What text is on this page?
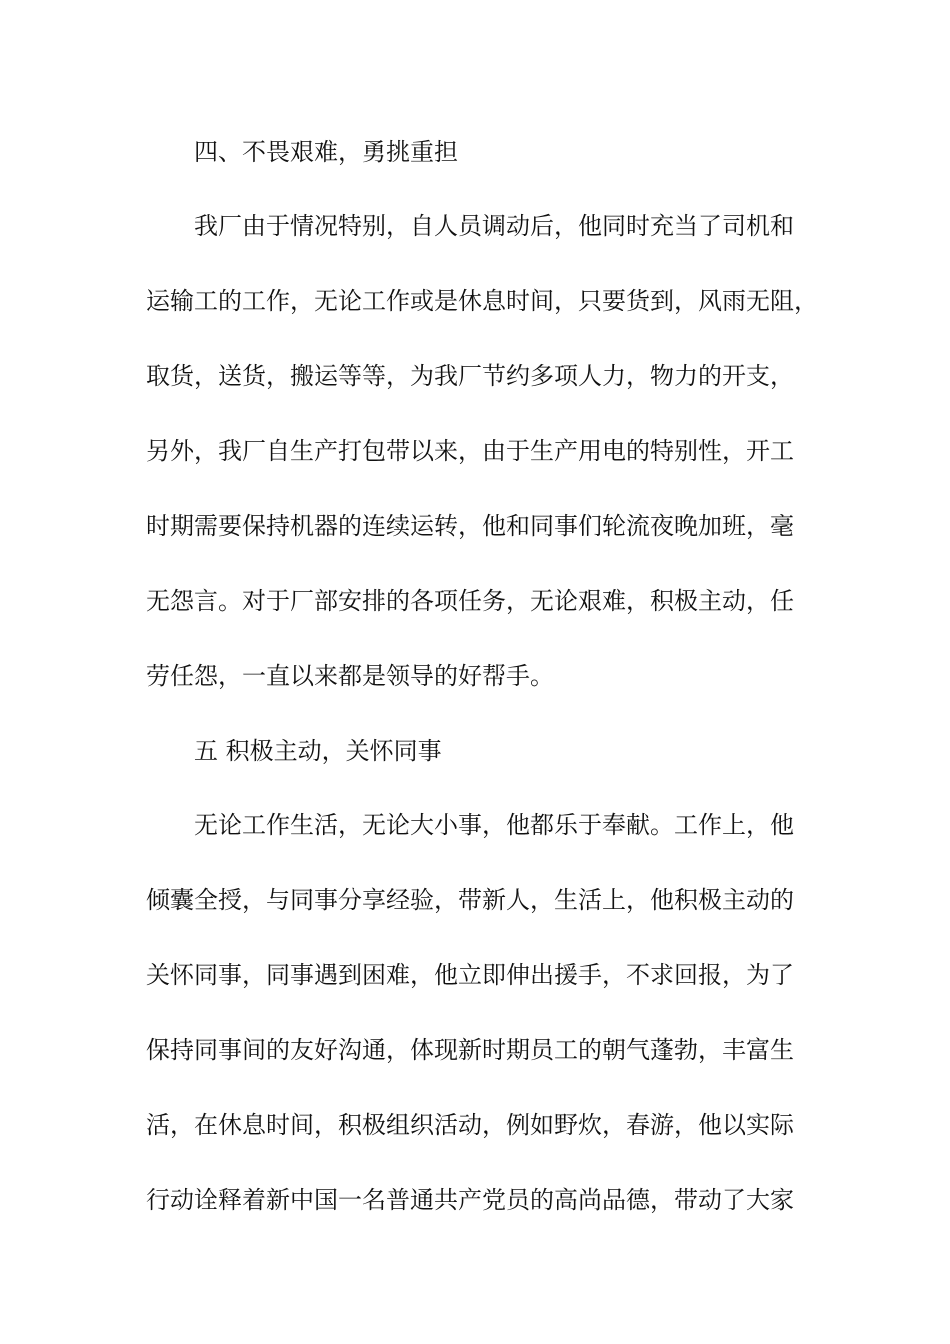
四、不畏艰难，勇挑重担
我厂由于情况特别，自人员调动后，他同时充当了司机和
运输工的工作，无论工作或是休息时间，只要货到，风雨无阻，
取货，送货，搬运等等，为我厂节约多项人力，物力的开支，
另外，我厂自生产打包带以来，由于生产用电的特别性，开工
时期需要保持机器的连续运转，他和同事们轮流夜晚加班，毫
无怨言。对于厂部安排的各项任务，无论艰难，积极主动，任
劳任怨，一直以来都是领导的好帮手。
五 积极主动，关怀同事
无论工作生活，无论大小事，他都乐于奉献。工作上，他
倾囊全授，与同事分享经验，带新人，生活上，他积极主动的
关怀同事，同事遇到困难，他立即伸出援手，不求回报，为了
保持同事间的友好沟通，体现新时期员工的朝气蓬勃，丰富生
活，在休息时间，积极组织活动，例如野炊，春游，他以实际
行动诠释着新中国一名普通共产党员的高尚品德，带动了大家
